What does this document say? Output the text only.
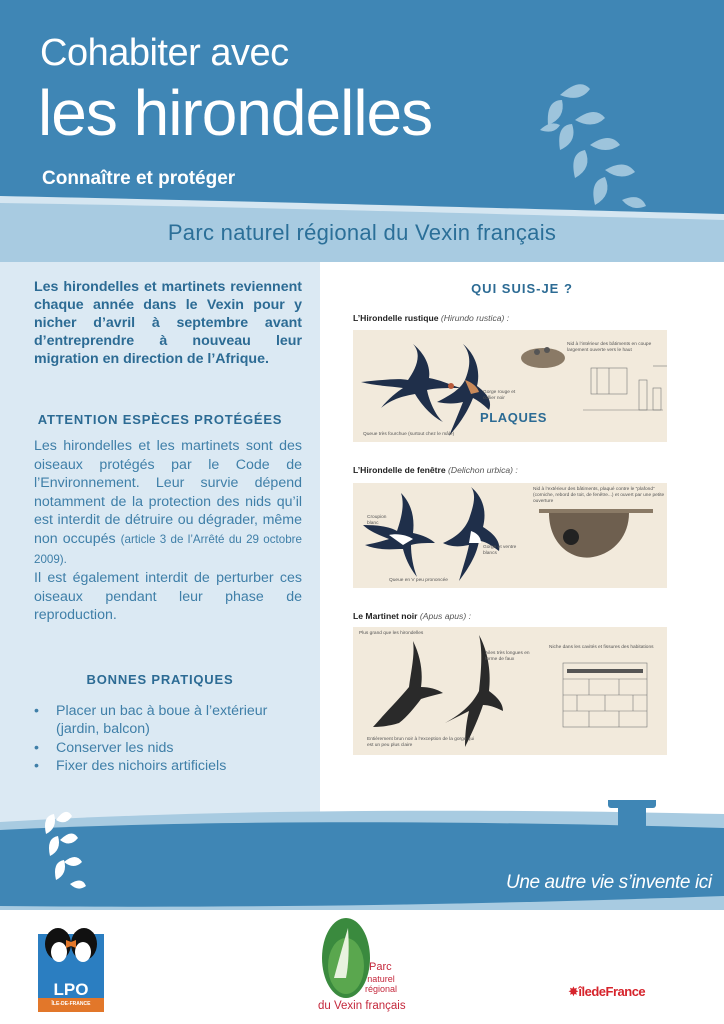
Cohabiter avec
les hirondelles
Connaître et protéger
Parc naturel régional du Vexin français
Les hirondelles et martinets reviennent chaque année dans le Vexin pour y nicher d’avril à septembre avant d’entreprendre à nouveau leur migration en direction de l’Afrique.
ATTENTION ESPÈCES PROTÉGÉES
Les hirondelles et les martinets sont des oiseaux protégés par le Code de l’Environnement. Leur survie dépend notamment de la protection des nids qu’il est interdit de détruire ou dégrader, même non occupés (article 3 de l’Arrêté du 29 octobre 2009).
Il est également interdit de perturber ces oiseaux pendant leur phase de reproduction.
BONNES PRATIQUES
• Placer un bac à boue à l’extérieur (jardin, balcon)
• Conserver les nids
• Fixer des nichoirs artificiels
QUI SUIS-JE ?
L’Hirondelle rustique (Hirundo rustica) :
Nid à l’intérieur des bâtiments en coupe largement ouverte vers le haut
Gorge rouge et collier noir
Queue très fourchue (surtout chez le mâle)
PLAQUES
L’Hirondelle de fenêtre (Delichon urbica) :
Nid à l’extérieur des bâtiments, plaqué contre le “plafond” (corniche, rebord de toit, de fenêtre...) et ouvert par une petite ouverture
Croupion blanc
Gorge et ventre blancs
Queue en V peu prononcée
Le Martinet noir (Apus apus) :
Plus grand que les hirondelles
Ailes très longues en forme de faux
Niche dans les cavités et fissures des habitations
Entièrement brun noir à l’exception de la gorge qui est un peu plus claire
Une autre vie s’invente ici
LPO
ÎLE-DE-FRANCE
Parc
naturel régional
du Vexin français
✸îledeFrance
